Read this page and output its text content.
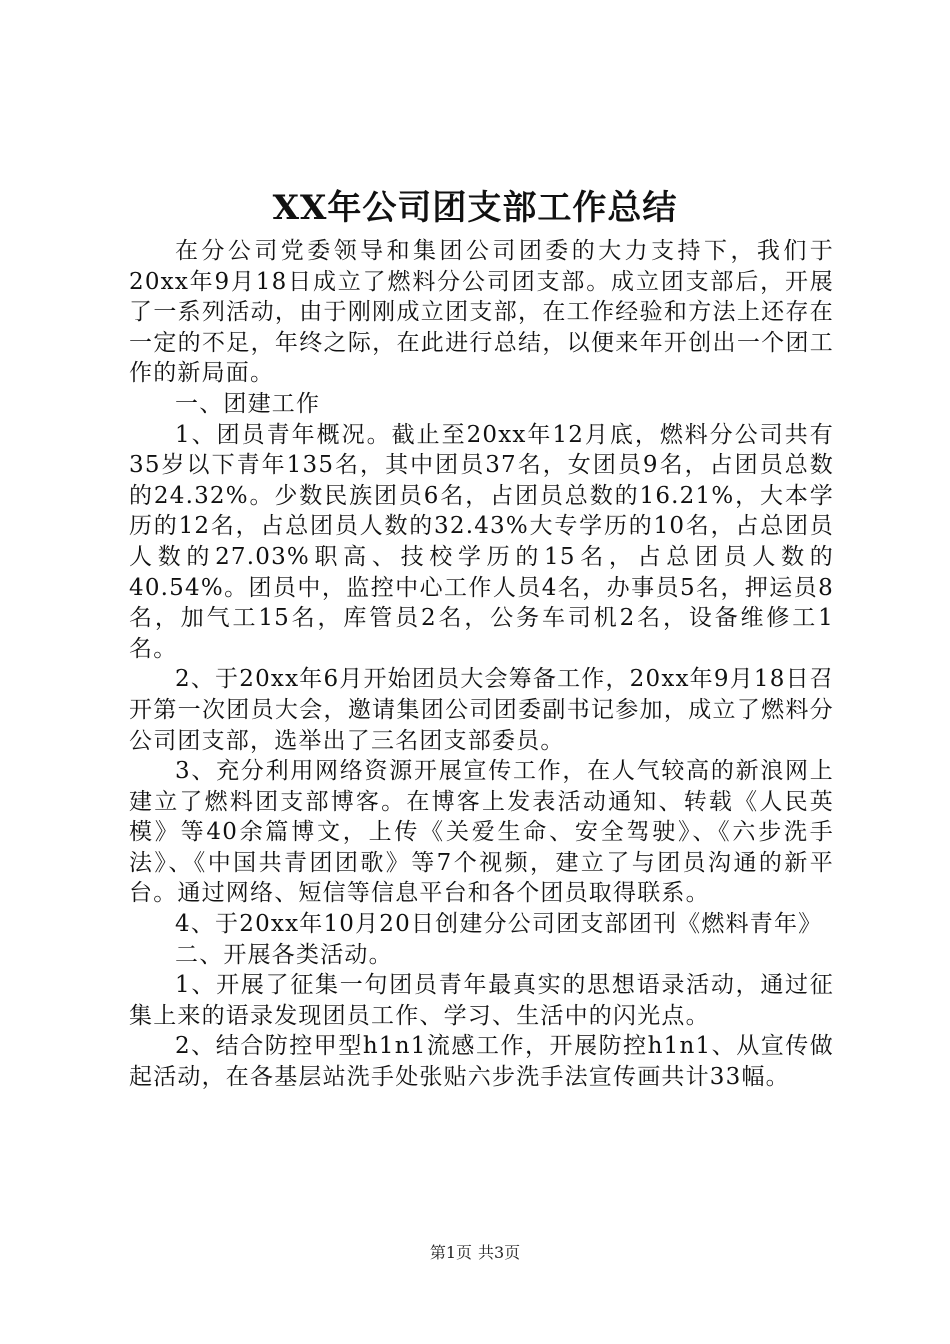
XX年公司团支部工作总结

在分公司党委领导和集团公司团委的大力支持下，我们于20xx年9月18日成立了燃料分公司团支部。成立团支部后，开展了一系列活动，由于刚刚成立团支部，在工作经验和方法上还存在一定的不足，年终之际，在此进行总结，以便来年开创出一个团工作的新局面。

一、团建工作

1、团员青年概况。截止至20xx年12月底，燃料分公司共有35岁以下青年135名，其中团员37名，女团员9名，占团员总数的24.32%。少数民族团员6名，占团员总数的16.21%，大本学历的12名，占总团员人数的32.43%大专学历的10名，占总团员人数的27.03%职高、技校学历的15名，占总团员人数的40.54%。团员中，监控中心工作人员4名，办事员5名，押运员8名，加气工15名，库管员2名，公务车司机2名，设备维修工1名。

2、于20xx年6月开始团员大会筹备工作，20xx年9月18日召开第一次团员大会，邀请集团公司团委副书记参加，成立了燃料分公司团支部，选举出了三名团支部委员。

3、充分利用网络资源开展宣传工作，在人气较高的新浪网上建立了燃料团支部博客。在博客上发表活动通知、转载《人民英模》等40余篇博文，上传《关爱生命、安全驾驶》、《六步洗手法》、《中国共青团团歌》等7个视频，建立了与团员沟通的新平台。通过网络、短信等信息平台和各个团员取得联系。

4、于20xx年10月20日创建分公司团支部团刊《燃料青年》

二、开展各类活动。

1、开展了征集一句团员青年最真实的思想语录活动，通过征集上来的语录发现团员工作、学习、生活中的闪光点。

2、结合防控甲型h1n1流感工作，开展防控h1n1、从宣传做起活动，在各基层站洗手处张贴六步洗手法宣传画共计33幅。

第1页 共3页
